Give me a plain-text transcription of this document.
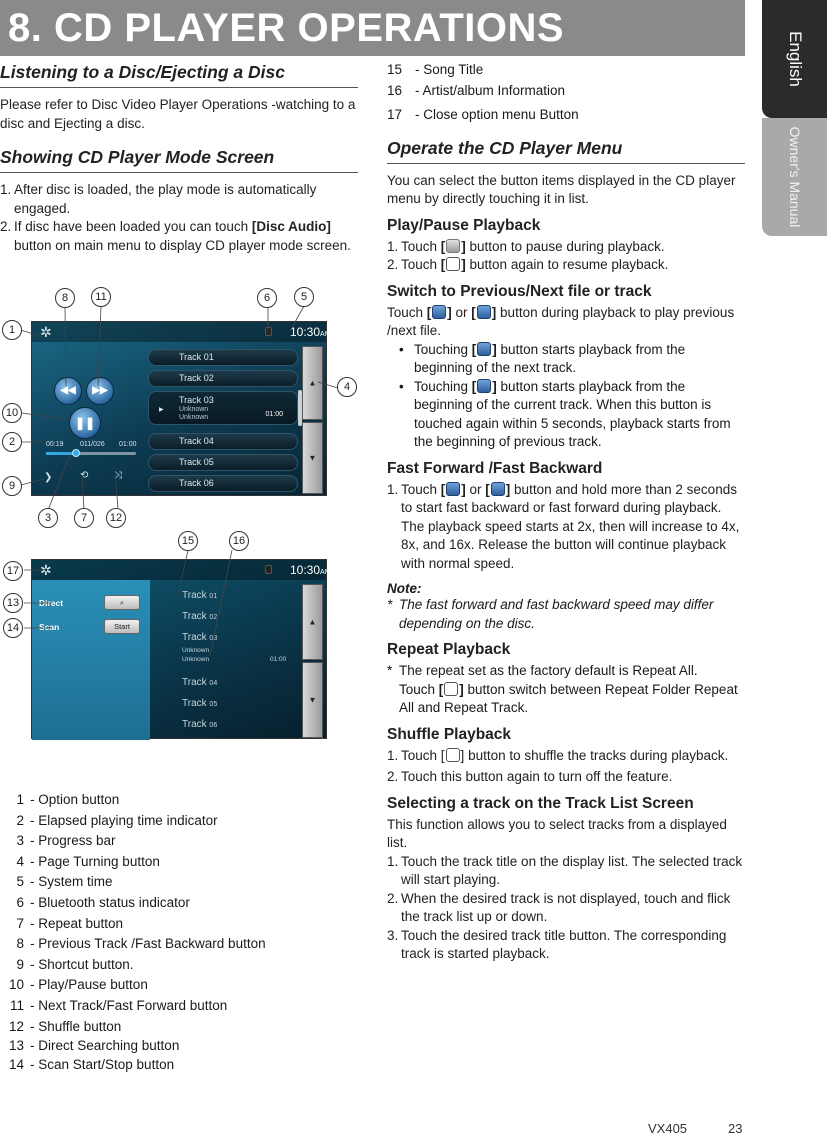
8. CD PLAYER OPERATIONS
English
Owner's Manual
Listening to a Disc/Ejecting a Disc

Please refer to Disc Video Player Operations -watching to a disc and Ejecting a disc.

Showing CD Player Mode Screen
1. After disc is loaded, the play mode is automatically engaged.
2. If disc have been loaded you can touch [Disc Audio] button on main menu to display CD player mode screen.
✲	10:30AM
Track 01
Track 02
▶
Track 03
Unknown
Unknown	01:00
Track 04
Track 05
Track 06
▲
▼
◀◀	▶▶
❚❚
00:19 011/026 01:00
❯	⟲	⤨
✲	10:30AM
Track 01
Track 02
Track 03
Unknown
Unknown	01:00
Track 04
Track 05
Track 06
▲
▼
Direct	⌕
Scan	Start
1
2
3
4
5
6
7
8
9
10
11
12
13
14
15	16
17
1 - Option button
2 - Elapsed playing time indicator
3 - Progress bar
4 - Page Turning button
5 - System time
6 - Bluetooth status indicator
7 - Repeat button
8 - Previous Track /Fast Backward button
9 - Shortcut button.
10 - Play/Pause button
11 - Next Track/Fast Forward button
12 - Shuffle button
13 - Direct Searching button
14 - Scan Start/Stop button
15 - Song Title
16 - Artist/album Information
17 - Close option menu Button
Operate the CD Player Menu

You can select the button items displayed in the CD player menu by directly touching it in list.

Play/Pause Playback
1. Touch [ ] button to pause during playback.
2. Touch [ ] button again to resume playback.
Switch to Previous/Next file or track

Touch [ ] or [ ] button during playback to play previous /next file.

• Touching [ ] button starts playback from the beginning of the next track.
• Touching [ ] button starts playback from the beginning of the current track. When this button is touched again within 5 seconds, playback starts from the beginning of previous track.
Fast Forward /Fast Backward
1. Touch [ ] or [ ] button and hold more than 2 seconds to start fast backward or fast forward during playback. The playback speed starts at 2x, then will increase to 4x, 8x, and 16x. Release the button will continue playback with normal speed.
Note:
* The fast forward and fast backward speed may differ depending on the disc.
Repeat Playback
* The repeat set as the factory default is Repeat All.
Touch [ ] button switch between Repeat Folder Repeat All and Repeat Track.
Shuffle Playback
1. Touch [ ] button to shuffle the tracks during playback.
2. Touch this button again to turn off the feature.
Selecting a track on the Track List Screen

This function allows you to select tracks from a displayed list.

1. Touch the track title on the display list. The selected track will start playing.
2. When the desired track is not displayed, touch and flick the track list up or down.
3. Touch the desired track title button. The corresponding track is started playback.
VX405	23
